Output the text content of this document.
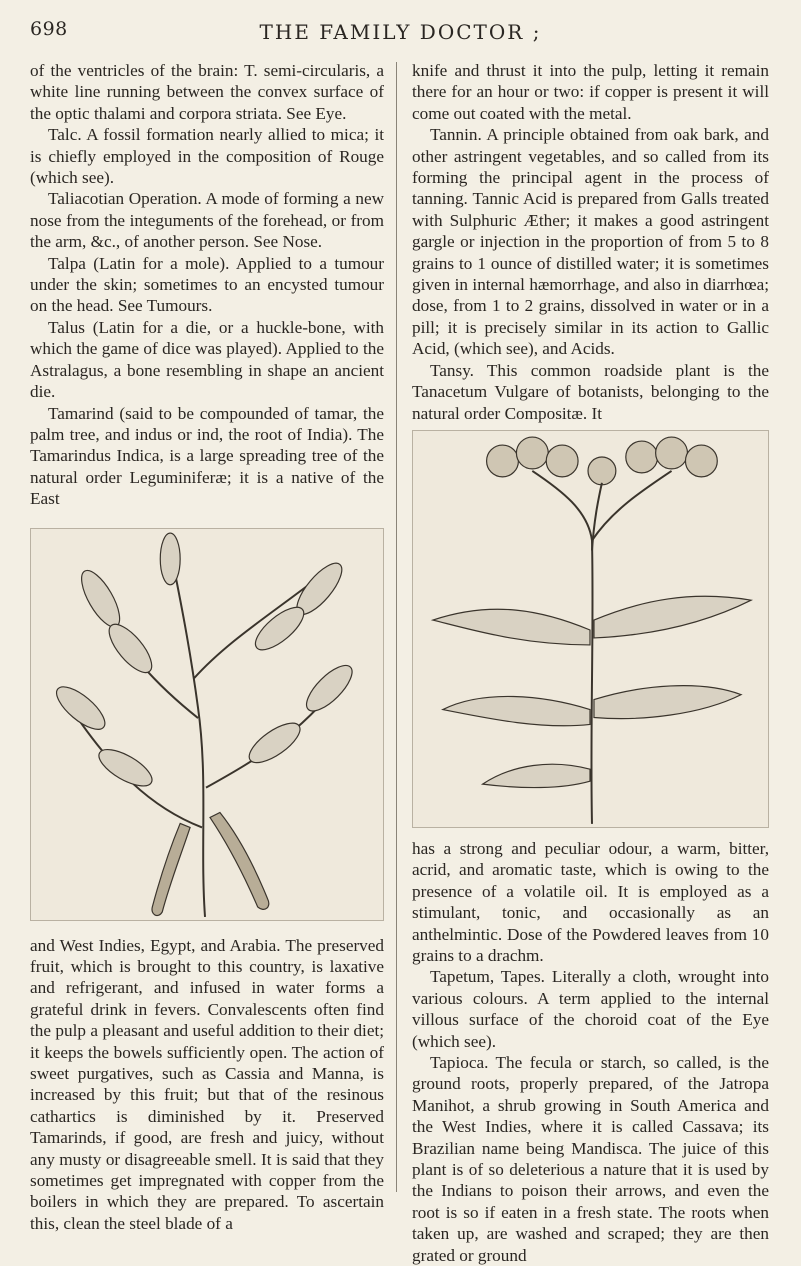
698	THE FAMILY DOCTOR ;

of the ventricles of the brain: T. semi-circularis, a white line running between the convex surface of the optic thalami and corpora striata. See Eye.

Talc. A fossil formation nearly allied to mica; it is chiefly employed in the composition of Rouge (which see).

Taliacotian Operation. A mode of forming a new nose from the integuments of the forehead, or from the arm, &c., of another person. See Nose.

Talpa (Latin for a mole). Applied to a tumour under the skin; sometimes to an encysted tumour on the head. See Tumours.

Talus (Latin for a die, or a huckle-bone, with which the game of dice was played). Applied to the Astralagus, a bone resembling in shape an ancient die.

Tamarind (said to be compounded of tamar, the palm tree, and indus or ind, the root of India). The Tamarindus Indica, is a large spreading tree of the natural order Leguminiferæ; it is a native of the East

and West Indies, Egypt, and Arabia. The preserved fruit, which is brought to this country, is laxative and refrigerant, and infused in water forms a grateful drink in fevers. Convalescents often find the pulp a pleasant and useful addition to their diet; it keeps the bowels sufficiently open. The action of sweet purgatives, such as Cassia and Manna, is increased by this fruit; but that of the resinous cathartics is diminished by it. Preserved Tamarinds, if good, are fresh and juicy, without any musty or disagreeable smell. It is said that they sometimes get impregnated with copper from the boilers in which they are prepared. To ascertain this, clean the steel blade of a

knife and thrust it into the pulp, letting it remain there for an hour or two: if copper is present it will come out coated with the metal.

Tannin. A principle obtained from oak bark, and other astringent vegetables, and so called from its forming the principal agent in the process of tanning. Tannic Acid is prepared from Galls treated with Sulphuric Æther; it makes a good astringent gargle or injection in the proportion of from 5 to 8 grains to 1 ounce of distilled water; it is sometimes given in internal hæmorrhage, and also in diarrhœa; dose, from 1 to 2 grains, dissolved in water or in a pill; it is precisely similar in its action to Gallic Acid, (which see), and Acids.

Tansy. This common roadside plant is the Tanacetum Vulgare of botanists, belonging to the natural order Compositæ. It

has a strong and peculiar odour, a warm, bitter, acrid, and aromatic taste, which is owing to the presence of a volatile oil. It is employed as a stimulant, tonic, and occasionally as an anthelmintic. Dose of the Powdered leaves from 10 grains to a drachm.

Tapetum, Tapes. Literally a cloth, wrought into various colours. A term applied to the internal villous surface of the choroid coat of the Eye (which see).

Tapioca. The fecula or starch, so called, is the ground roots, properly prepared, of the Jatropa Manihot, a shrub growing in South America and the West Indies, where it is called Cassava; its Brazilian name being Mandisca. The juice of this plant is of so deleterious a nature that it is used by the Indians to poison their arrows, and even the root is so if eaten in a fresh state. The roots when taken up, are washed and scraped; they are then grated or ground
